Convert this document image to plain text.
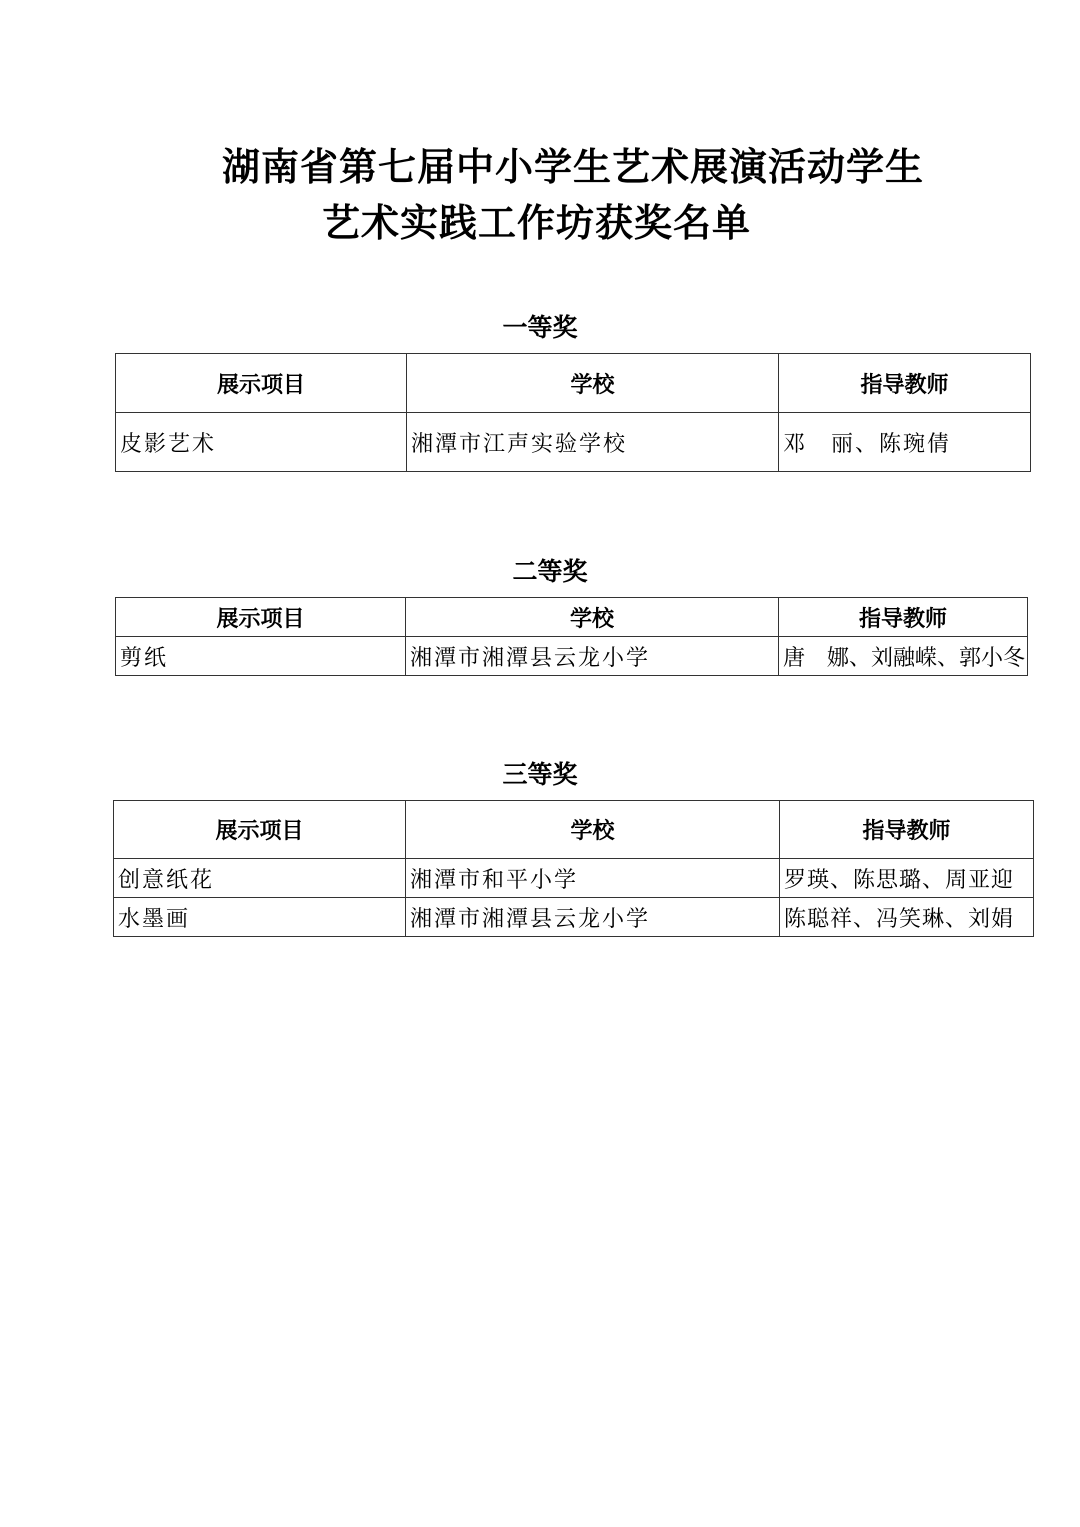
湖南省第七届中小学生艺术展演活动学生
艺术实践工作坊获奖名单
一等奖
展示项目	学校	指导教师
皮影艺术	湘潭市江声实验学校	邓　丽、陈琬倩
二等奖
展示项目	学校	指导教师
剪纸	湘潭市湘潭县云龙小学	唐　娜、刘融嵘、郭小冬
三等奖
展示项目	学校	指导教师
创意纸花	湘潭市和平小学	罗瑛、陈思璐、周亚迎
水墨画	湘潭市湘潭县云龙小学	陈聪祥、冯笑琳、刘娟
